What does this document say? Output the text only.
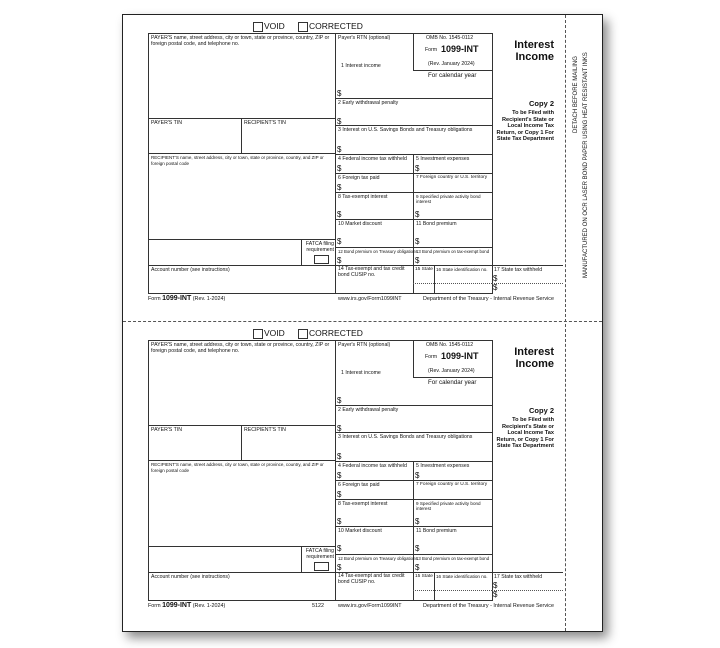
DETACH BEFORE MAILING MANUFACTURED ON OCR LASER BOND PAPER USING HEAT RESISTANT INKS
VOID	CORRECTED
PAYER'S name, street address, city or town, state or province, country, ZIP or foreign postal code, and telephone no.
PAYER'S TIN	RECIPIENT'S TIN
RECIPIENT'S name, street address, city or town, state or province, country, and ZIP or foreign postal code
FATCA filing requirement
Account number (see instructions)
Payer's RTN (optional)	OMB No. 1545-0112
Form 1099-INT
(Rev. January 2024)
For calendar year
1 Interest income
$
2 Early withdrawal penalty
$
Interest Income
3 Interest on U.S. Savings Bonds and Treasury obligations
$
Copy 2
To be Filed with Recipient's State or Local Income Tax Return, or Copy 1 For State Tax Department
4 Federal income tax withheld
$
5 Investment expenses
$
6 Foreign tax paid
$
7 Foreign country or U.S. territory
8 Tax-exempt interest
$
9 Specified private activity bond interest
$
10 Market discount
$
11 Bond premium
$
12 Bond premium on Treasury obligations
$
13 Bond premium on tax-exempt bond
$
14 Tax-exempt and tax credit bond CUSIP no.
15 State 16 State identification no. 17 State tax withheld
$
$
Form 1099-INT (Rev. 1-2024)	www.irs.gov/Form1099INT	Department of the Treasury - Internal Revenue Service
VOID	CORRECTED
PAYER'S name, street address, city or town, state or province, country, ZIP or foreign postal code, and telephone no.
PAYER'S TIN	RECIPIENT'S TIN
RECIPIENT'S name, street address, city or town, state or province, country, and ZIP or foreign postal code
FATCA filing requirement
Account number (see instructions)
Payer's RTN (optional)	OMB No. 1545-0112
Form 1099-INT
(Rev. January 2024)
For calendar year
1 Interest income
$
2 Early withdrawal penalty
$
Interest Income
3 Interest on U.S. Savings Bonds and Treasury obligations
$
Copy 2
To be Filed with Recipient's State or Local Income Tax Return, or Copy 1 For State Tax Department
4 Federal income tax withheld
$
5 Investment expenses
$
6 Foreign tax paid
$
7 Foreign country or U.S. territory
8 Tax-exempt interest
$
9 Specified private activity bond interest
$
10 Market discount
$
11 Bond premium
$
12 Bond premium on Treasury obligations
$
13 Bond premium on tax-exempt bond
$
14 Tax-exempt and tax credit bond CUSIP no.
15 State 16 State identification no. 17 State tax withheld
$
$
Form 1099-INT (Rev. 1-2024)	5122	www.irs.gov/Form1099INT	Department of the Treasury - Internal Revenue Service
